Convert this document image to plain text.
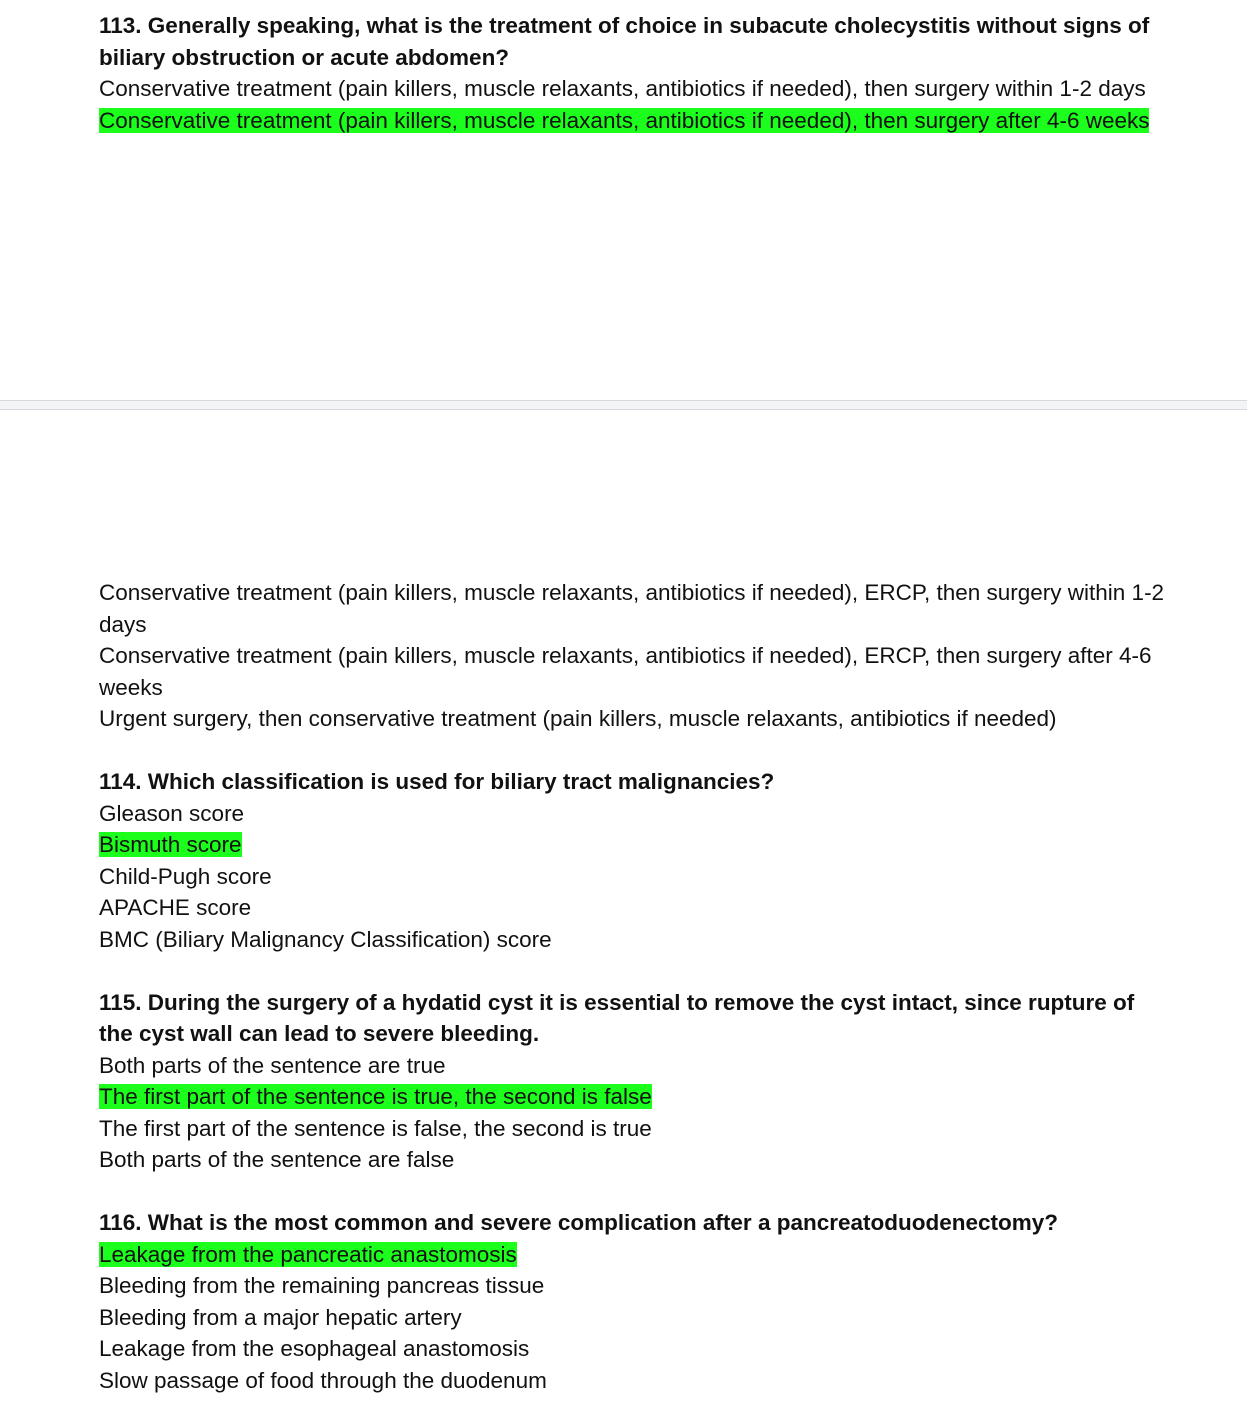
113. Generally speaking, what is the treatment of choice in subacute cholecystitis without signs of biliary obstruction or acute abdomen?

Conservative treatment (pain killers, muscle relaxants, antibiotics if needed), then surgery within 1-2 days

Conservative treatment (pain killers, muscle relaxants, antibiotics if needed), then surgery after 4-6 weeks

Conservative treatment (pain killers, muscle relaxants, antibiotics if needed), ERCP, then surgery within 1-2 days

Conservative treatment (pain killers, muscle relaxants, antibiotics if needed), ERCP, then surgery after 4-6 weeks

Urgent surgery, then conservative treatment (pain killers, muscle relaxants, antibiotics if needed)

114. Which classification is used for biliary tract malignancies?

Gleason score

Bismuth score

Child-Pugh score

APACHE score

BMC (Biliary Malignancy Classification) score

115. During the surgery of a hydatid cyst it is essential to remove the cyst intact, since rupture of the cyst wall can lead to severe bleeding.

Both parts of the sentence are true

The first part of the sentence is true, the second is false

The first part of the sentence is false, the second is true

Both parts of the sentence are false

116. What is the most common and severe complication after a pancreatoduodenectomy?

Leakage from the pancreatic anastomosis

Bleeding from the remaining pancreas tissue

Bleeding from a major hepatic artery

Leakage from the esophageal anastomosis

Slow passage of food through the duodenum
